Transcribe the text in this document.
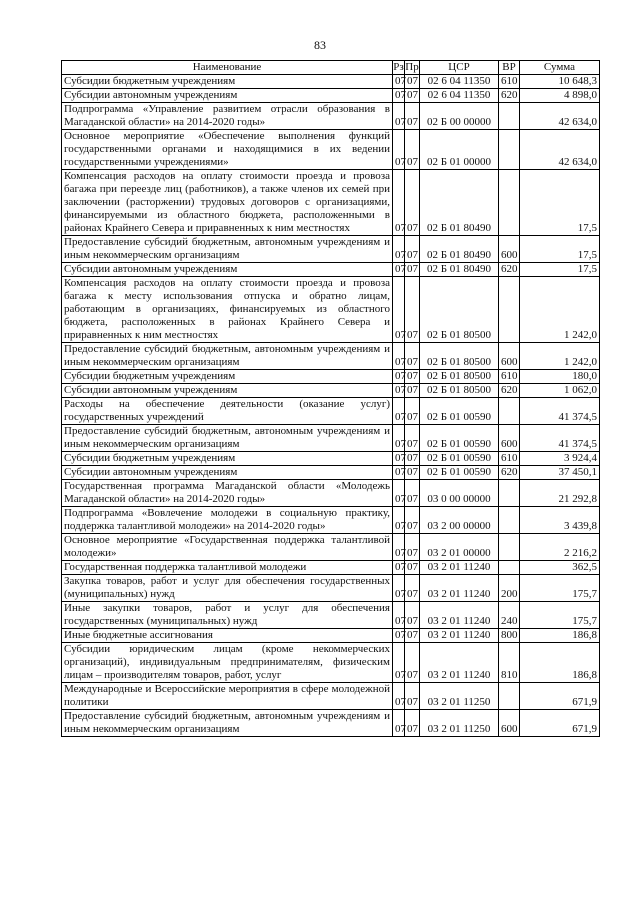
83
Наименование	Рз	Пр	ЦСР	ВР	Сумма
Субсидии бюджетным учреждениям	07	07	02 6 04 11350	610	10 648,3
Субсидии автономным учреждениям	07	07	02 6 04 11350	620	4 898,0
Подпрограмма «Управление развитием отрасли образования в Магаданской области» на 2014-2020 годы»	07	07	02 Б 00 00000		42 634,0
Основное мероприятие «Обеспечение выполнения функций государственными органами и находящимися в их ведении государственными учреждениями»	07	07	02 Б 01 00000		42 634,0
Компенсация расходов на оплату стоимости проезда и провоза багажа при переезде лиц (работников), а также членов их семей при заключении (расторжении) трудовых договоров с организациями, финансируемыми из областного бюджета, расположенными в районах Крайнего Севера и приравненных к ним местностях	07	07	02 Б 01 80490		17,5
Предоставление субсидий бюджетным, автономным учреждениям и иным некоммерческим организациям	07	07	02 Б 01 80490	600	17,5
Субсидии автономным учреждениям	07	07	02 Б 01 80490	620	17,5
Компенсация расходов на оплату стоимости проезда и провоза багажа к месту использования отпуска и обратно лицам, работающим в организациях, финансируемых из областного бюджета, расположенных в районах Крайнего Севера и приравненных к ним местностях	07	07	02 Б 01 80500		1 242,0
Предоставление субсидий бюджетным, автономным учреждениям и иным некоммерческим организациям	07	07	02 Б 01 80500	600	1 242,0
Субсидии бюджетным учреждениям	07	07	02 Б 01 80500	610	180,0
Субсидии автономным учреждениям	07	07	02 Б 01 80500	620	1 062,0
Расходы на обеспечение деятельности (оказание услуг) государственных учреждений	07	07	02 Б 01 00590		41 374,5
Предоставление субсидий бюджетным, автономным учреждениям и иным некоммерческим организациям	07	07	02 Б 01 00590	600	41 374,5
Субсидии бюджетным учреждениям	07	07	02 Б 01 00590	610	3 924,4
Субсидии автономным учреждениям	07	07	02 Б 01 00590	620	37 450,1
Государственная программа Магаданской области «Молодежь Магаданской области» на 2014-2020 годы»	07	07	03 0 00 00000		21 292,8
Подпрограмма «Вовлечение молодежи в социальную практику, поддержка талантливой молодежи» на 2014-2020 годы»	07	07	03 2 00 00000		3 439,8
Основное мероприятие «Государственная поддержка талантливой молодежи»	07	07	03 2 01 00000		2 216,2
Государственная поддержка талантливой молодежи	07	07	03 2 01 11240		362,5
Закупка товаров, работ и услуг для обеспечения государственных (муниципальных) нужд	07	07	03 2 01 11240	200	175,7
Иные закупки товаров, работ и услуг для обеспечения государственных (муниципальных) нужд	07	07	03 2 01 11240	240	175,7
Иные бюджетные ассигнования	07	07	03 2 01 11240	800	186,8
Субсидии юридическим лицам (кроме некоммерческих организаций), индивидуальным предпринимателям, физическим лицам – производителям товаров, работ, услуг	07	07	03 2 01 11240	810	186,8
Международные и Всероссийские мероприятия в сфере молодежной политики	07	07	03 2 01 11250		671,9
Предоставление субсидий бюджетным, автономным учреждениям и иным некоммерческим организациям	07	07	03 2 01 11250	600	671,9
